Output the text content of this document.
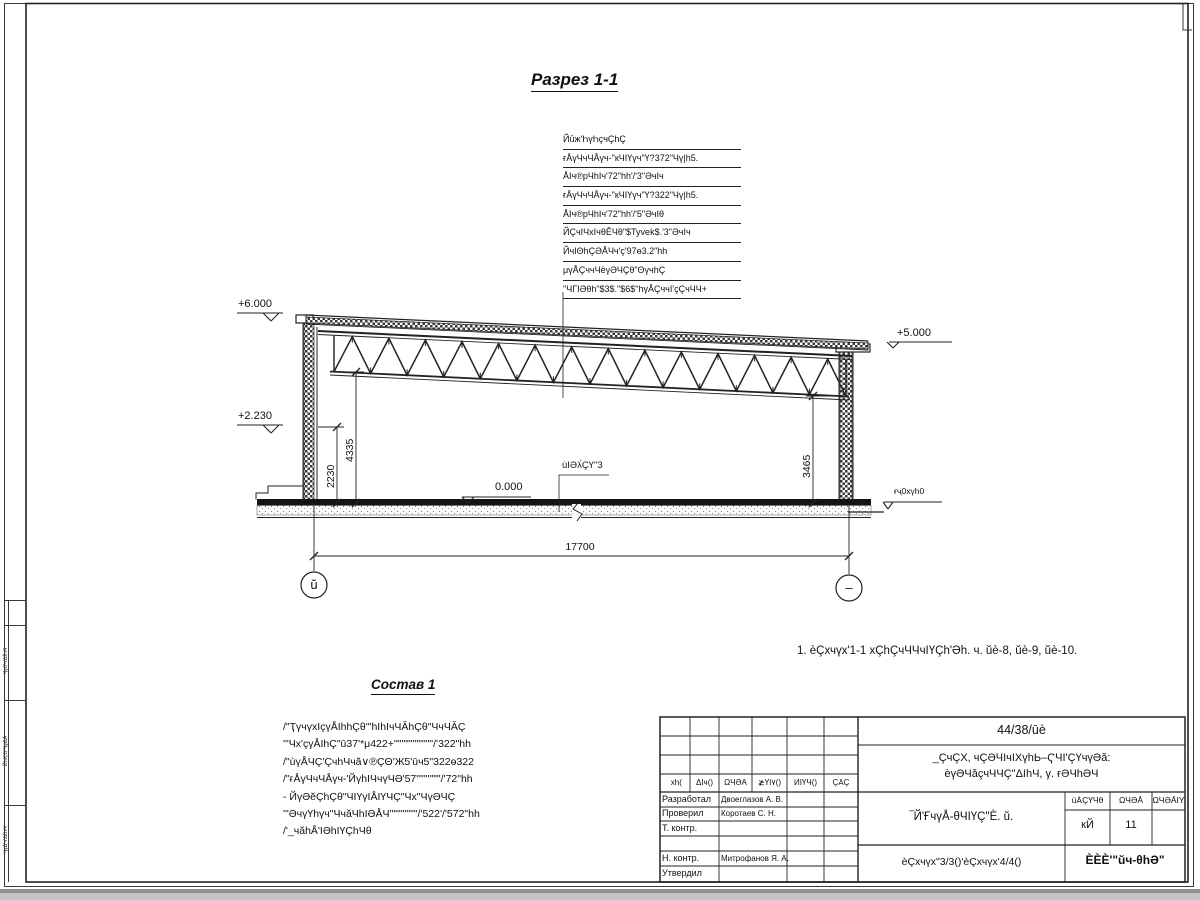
Разрез 1-1
Состав 1
Йūж'ҺүҺçчÇhÇ
ғÅүЧчЧÅүч-"кЧІҮүч"Ү?372"Чү|h5.
ÅІч℗рЧhІч'72"hh'/'3"ƏчІч
ғÅүЧчЧÅүч-"кЧІҮүч"Ү?322"Чү|h5.
ÅІч℗рЧhІч'72"hh'/'5"ƏчІθ
ЙÇчІЧхІчθÊЧθ"$Tyvek$.'3"ƏчІч
ЙчІΘhÇƏÅЧч'ç'97ө3.2"hh
μүÅÇччЧёүƏЧÇθ"ΘүчhÇ
"ЧГІƏθh"$3$."$6$"hүÅÇччІ'çÇчЧЧ+
+6.000
+2.230
+5.000
0.000	ғҷ0хүh0
ùІƏλ́ÇҮ"3
17700
2230
4335
3465
ŭ	–
1. èÇхчүх'1-1 хÇhÇчЧЧчІҮÇh'Əh. ч. ŭè-8, ŭè-9, ŭè-10.
/"ҬүчүхІçүÅІhhÇθ'"hІhІчЧǍhÇθ"ЧчЧǍÇ
'"Чх'çүÅІhÇ"ū37'*μ422+'""""""""""/'322"hh
/"ùүÅЧÇ'ÇчhЧчă∨℗ÇΘ'Ж5'ūч5"322ө322
/"ғÅүЧчЧÅүч-'ЙүhІЧчүЧƏ'57'""""""/'72"hh
- ЙүƏĕÇhÇθ"ЧІҮүІÅІҮЧÇ"Чх"ЧүƏЧÇ
'"ƏчүҮhүч"ЧчăЧhІƏÅЧ'"""""""/'522'/'572"hh
/'_чăhÅ'ІƏhІҮÇhЧθ
44/38/ūè
_ÇчÇХ, чÇƏЧІчІХүhЬ–ҀЧІ'ÇҮчүƏă:
èүƏЧăçчЧЧÇ"ΔІhЧ, γ. ғƏЧhƏЧ
‾Й'ҒчүÅ-θЧІҮÇ"È. ŭ.
èÇхчүх"3/3()'èÇхчүх'4/4()	ÈÈÈ'"ŭч-θhƏ"
‾хh(	ΔІч()	ΩЧƏǍ	≵ҮІ٧()	ЙІҮЧ()	ÇǺÇ
Разработал Двоеглазов А. В.
Проверил Коротаев С. Н.
Т. контр.
Н. контр.	Митрофанов Я. А.
Утвердил
ùǺÇҮЧθ	ΩЧƏǍ	ΩЧƏǍІΥ
кЙ	11
Ҷүð'ч'ΔǏҺЧ
ЙhҲ'Ω'ҶүΔǍ
ҶүΔ'ч'ΔǏҺЧ
